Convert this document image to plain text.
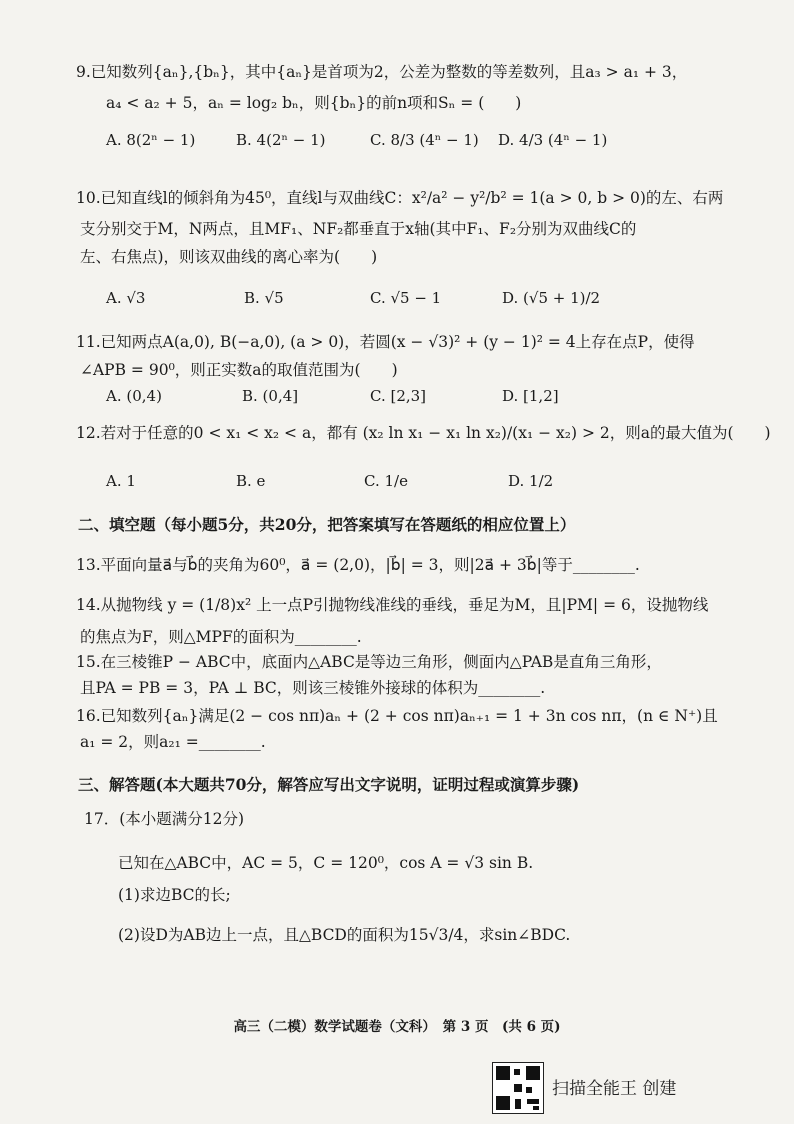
9.已知数列{aₙ},{bₙ}，其中{aₙ}是首项为2，公差为整数的等差数列，且a₃ > a₁ + 3，
a₄ < a₂ + 5，aₙ = log₂ bₙ，则{bₙ}的前n项和Sₙ = (　　)
A. 8(2ⁿ − 1)	B. 4(2ⁿ − 1)	C. 8/3 (4ⁿ − 1) D. 4/3 (4ⁿ − 1)
10.已知直线l的倾斜角为45⁰，直线l与双曲线C：x²/a² − y²/b² = 1(a > 0, b > 0)的左、右两
支分别交于M，N两点，且MF₁、NF₂都垂直于x轴(其中F₁、F₂分别为双曲线C的
左、右焦点)，则该双曲线的离心率为(　　)
A. √3	B. √5	C. √5 − 1	D. (√5 + 1)/2
11.已知两点A(a,0), B(−a,0), (a > 0)，若圆(x − √3)² + (y − 1)² = 4上存在点P，使得
∠APB = 90⁰，则正实数a的取值范围为(　　)
A. (0,4)	B. (0,4]	C. [2,3]	D. [1,2]
12.若对于任意的0 < x₁ < x₂ < a，都有 (x₂ ln x₁ − x₁ ln x₂)/(x₁ − x₂) > 2，则a的最大值为(　　)
A. 1	B. e	C. 1/e	D. 1/2
二、填空题（每小题5分，共20分，把答案填写在答题纸的相应位置上）
13.平面向量a⃗与b⃗的夹角为60⁰，a⃗ = (2,0)，|b⃗| = 3，则|2a⃗ + 3b⃗|等于________.
14.从抛物线 y = (1/8)x² 上一点P引抛物线准线的垂线，垂足为M，且|PM| = 6，设抛物线
的焦点为F，则△MPF的面积为________.
15.在三棱锥P − ABC中，底面内△ABC是等边三角形，侧面内△PAB是直角三角形，
且PA = PB = 3，PA ⊥ BC，则该三棱锥外接球的体积为________.
16.已知数列{aₙ}满足(2 − cos nπ)aₙ + (2 + cos nπ)aₙ₊₁ = 1 + 3n cos nπ，(n ∈ N⁺)且
a₁ = 2，则a₂₁ =________.
三、解答题(本大题共70分，解答应写出文字说明，证明过程或演算步骤)
17．(本小题满分12分)
已知在△ABC中，AC = 5，C = 120⁰，cos A = √3 sin B.
(1)求边BC的长;
(2)设D为AB边上一点，且△BCD的面积为15√3/4，求sin∠BDC.
高三（二模）数学试题卷（文科）　第 3 页　(共 6 页)
扫描全能王 创建
